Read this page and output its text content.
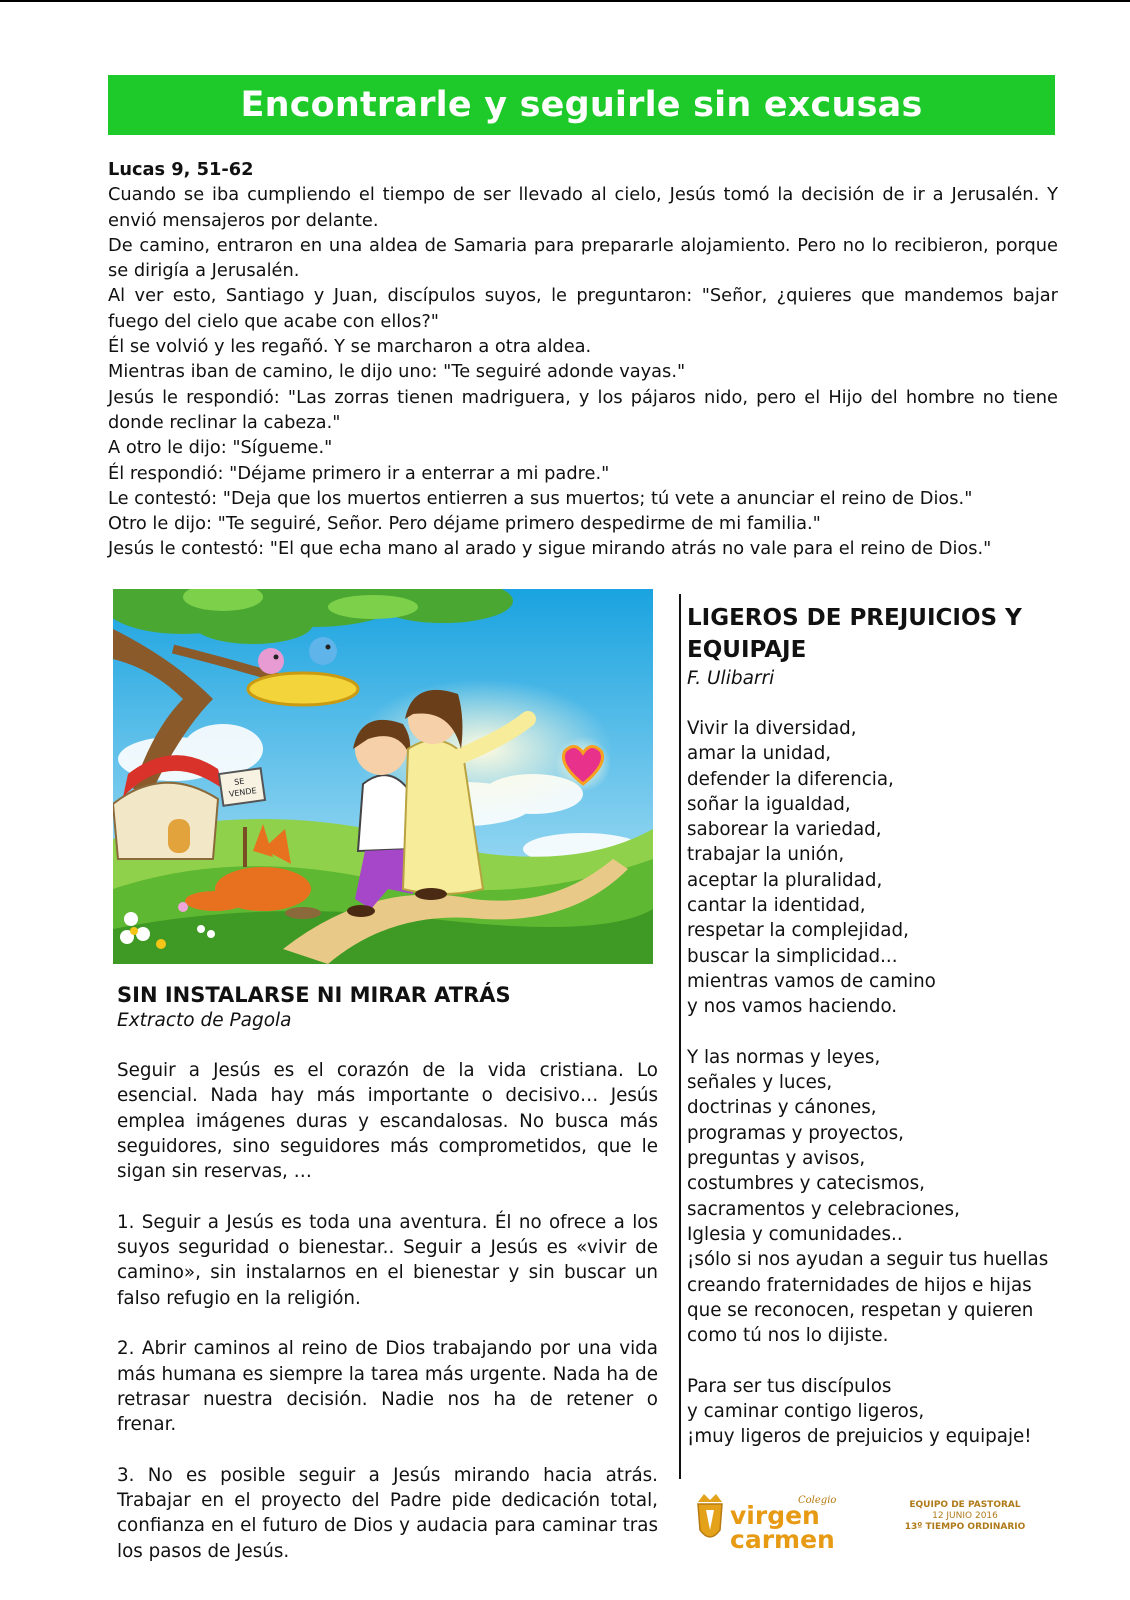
Encontrarle y seguirle sin excusas

Lucas 9, 51-62

Cuando se iba cumpliendo el tiempo de ser llevado al cielo, Jesús tomó la decisión de ir a Jerusalén. Y envió mensajeros por delante.

De camino, entraron en una aldea de Samaria para prepararle alojamiento. Pero no lo recibieron, porque se dirigía a Jerusalén.

Al ver esto, Santiago y Juan, discípulos suyos, le preguntaron: "Señor, ¿quieres que mandemos bajar fuego del cielo que acabe con ellos?"

Él se volvió y les regañó. Y se marcharon a otra aldea.

Mientras iban de camino, le dijo uno: "Te seguiré adonde vayas."

Jesús le respondió: "Las zorras tienen madriguera, y los pájaros nido, pero el Hijo del hombre no tiene donde reclinar la cabeza."

A otro le dijo: "Sígueme."

Él respondió: "Déjame primero ir a enterrar a mi padre."

Le contestó: "Deja que los muertos entierren a sus muertos; tú vete a anunciar el reino de Dios."

Otro le dijo: "Te seguiré, Señor. Pero déjame primero despedirme de mi familia."

Jesús le contestó: "El que echa mano al arado y sigue mirando atrás no vale para el reino de Dios."

SE
VENDE

SIN INSTALARSE NI MIRAR ATRÁS

Extracto de Pagola

Seguir a Jesús es el corazón de la vida cristiana. Lo esencial. Nada hay más importante o decisivo… Jesús emplea imágenes duras y escandalosas. No busca más seguidores, sino seguidores más comprometidos, que le sigan sin reservas, …

1. Seguir a Jesús es toda una aventura. Él no ofrece a los suyos seguridad o bienestar.. Seguir a Jesús es «vivir de camino», sin instalarnos en el bienestar y sin buscar un falso refugio en la religión.

2. Abrir caminos al reino de Dios trabajando por una vida más humana es siempre la tarea más urgente. Nada ha de retrasar nuestra decisión. Nadie nos ha de retener o frenar.

3. No es posible seguir a Jesús mirando hacia atrás. Trabajar en el proyecto del Padre pide dedicación total, confianza en el futuro de Dios y audacia para caminar tras los pasos de Jesús.

LIGEROS DE PREJUICIOS Y EQUIPAJE

F. Ulibarri

Vivir la diversidad,
amar la unidad,
defender la diferencia,
soñar la igualdad,
saborear la variedad,
trabajar la unión,
aceptar la pluralidad,
cantar la identidad,
respetar la complejidad,
buscar la simplicidad...
mientras vamos de camino
y nos vamos haciendo.
Y las normas y leyes,
señales y luces,
doctrinas y cánones,
programas y proyectos,
preguntas y avisos,
costumbres y catecismos,
sacramentos y celebraciones,
Iglesia y comunidades..
¡sólo si nos ayudan a seguir tus huellas
creando fraternidades de hijos e hijas
que se reconocen, respetan y quieren
como tú nos lo dijiste.
Para ser tus discípulos
y caminar contigo ligeros,
¡muy ligeros de prejuicios y equipaje!
Colegio
virgen
carmen
EQUIPO DE PASTORAL
12 JUNIO 2016
13º TIEMPO ORDINARIO
